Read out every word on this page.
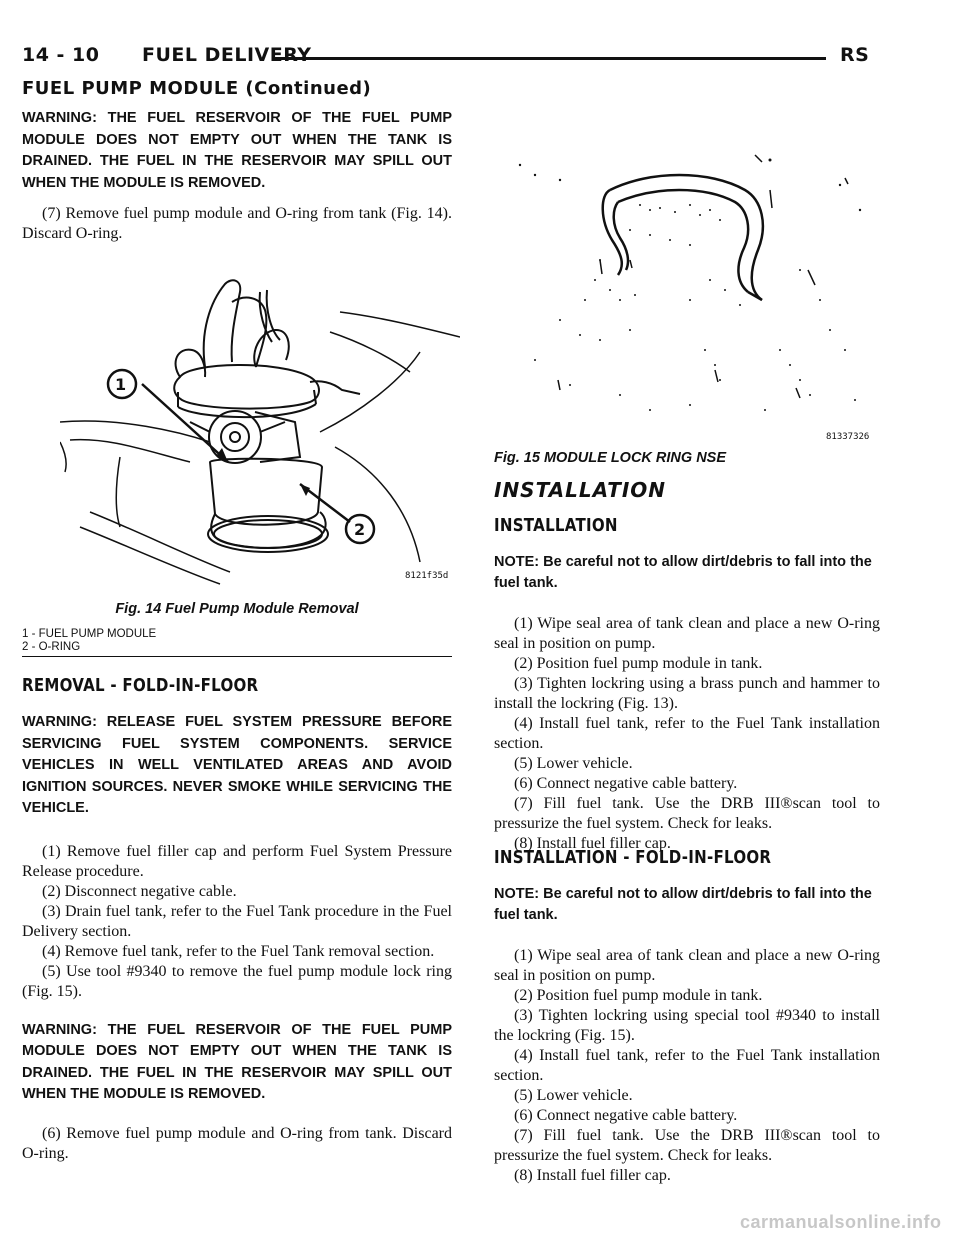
14 - 10 FUEL DELIVERY	RS
FUEL PUMP MODULE (Continued)
WARNING: THE FUEL RESERVOIR OF THE FUEL PUMP MODULE DOES NOT EMPTY OUT WHEN THE TANK IS DRAINED. THE FUEL IN THE RESERVOIR MAY SPILL OUT WHEN THE MODULE IS REMOVED.
(7) Remove fuel pump module and O-ring from tank (Fig. 14). Discard O-ring.
1
2
8121f35d
Fig. 14 Fuel Pump Module Removal
1 - FUEL PUMP MODULE
2 - O-RING
REMOVAL - FOLD-IN-FLOOR
WARNING: RELEASE FUEL SYSTEM PRESSURE BEFORE SERVICING FUEL SYSTEM COMPONENTS. SERVICE VEHICLES IN WELL VENTILATED AREAS AND AVOID IGNITION SOURCES. NEVER SMOKE WHILE SERVICING THE VEHICLE.
(1) Remove fuel filler cap and perform Fuel System Pressure Release procedure.
(2) Disconnect negative cable.
(3) Drain fuel tank, refer to the Fuel Tank procedure in the Fuel Delivery section.
(4) Remove fuel tank, refer to the Fuel Tank removal section.
(5) Use tool #9340 to remove the fuel pump module lock ring (Fig. 15).
WARNING: THE FUEL RESERVOIR OF THE FUEL PUMP MODULE DOES NOT EMPTY OUT WHEN THE TANK IS DRAINED. THE FUEL IN THE RESERVOIR MAY SPILL OUT WHEN THE MODULE IS REMOVED.
(6) Remove fuel pump module and O-ring from tank. Discard O-ring.
81337326
Fig. 15 MODULE LOCK RING NSE
INSTALLATION
INSTALLATION
NOTE: Be careful not to allow dirt/debris to fall into the fuel tank.
(1) Wipe seal area of tank clean and place a new O-ring seal in position on pump.
(2) Position fuel pump module in tank.
(3) Tighten lockring using a brass punch and hammer to install the lockring (Fig. 13).
(4) Install fuel tank, refer to the Fuel Tank installation section.
(5) Lower vehicle.
(6) Connect negative cable battery.
(7) Fill fuel tank. Use the DRB III®scan tool to pressurize the fuel system. Check for leaks.
(8) Install fuel filler cap.
INSTALLATION - FOLD-IN-FLOOR
NOTE: Be careful not to allow dirt/debris to fall into the fuel tank.
(1) Wipe seal area of tank clean and place a new O-ring seal in position on pump.
(2) Position fuel pump module in tank.
(3) Tighten lockring using special tool #9340 to install the lockring (Fig. 15).
(4) Install fuel tank, refer to the Fuel Tank installation section.
(5) Lower vehicle.
(6) Connect negative cable battery.
(7) Fill fuel tank. Use the DRB III®scan tool to pressurize the fuel system. Check for leaks.
(8) Install fuel filler cap.
carmanualsonline.info
